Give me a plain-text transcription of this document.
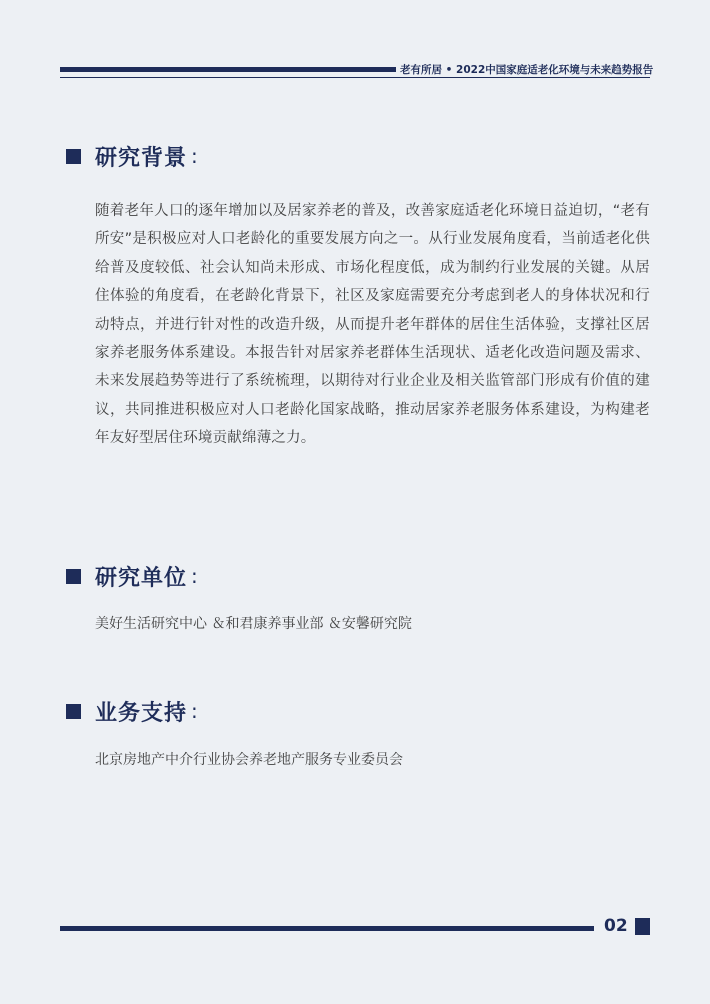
老有所居 • 2022中国家庭适老化环境与未来趋势报告
研究背景 :
随着老年人口的逐年增加以及居家养老的普及，改善家庭适老化环境日益迫切，“老有所安”是积极应对人口老龄化的重要发展方向之一。从行业发展角度看，当前适老化供给普及度较低、社会认知尚未形成、市场化程度低，成为制约行业发展的关键。从居住体验的角度看，在老龄化背景下，社区及家庭需要充分考虑到老人的身体状况和行动特点，并进行针对性的改造升级，从而提升老年群体的居住生活体验，支撑社区居家养老服务体系建设。本报告针对居家养老群体生活现状、适老化改造问题及需求、未来发展趋势等进行了系统梳理，以期待对行业企业及相关监管部门形成有价值的建议，共同推进积极应对人口老龄化国家战略，推动居家养老服务体系建设，为构建老年友好型居住环境贡献绵薄之力。
研究单位 :
美好生活研究中心 ＆和君康养事业部 ＆安馨研究院
业务支持 :
北京房地产中介行业协会养老地产服务专业委员会
02
